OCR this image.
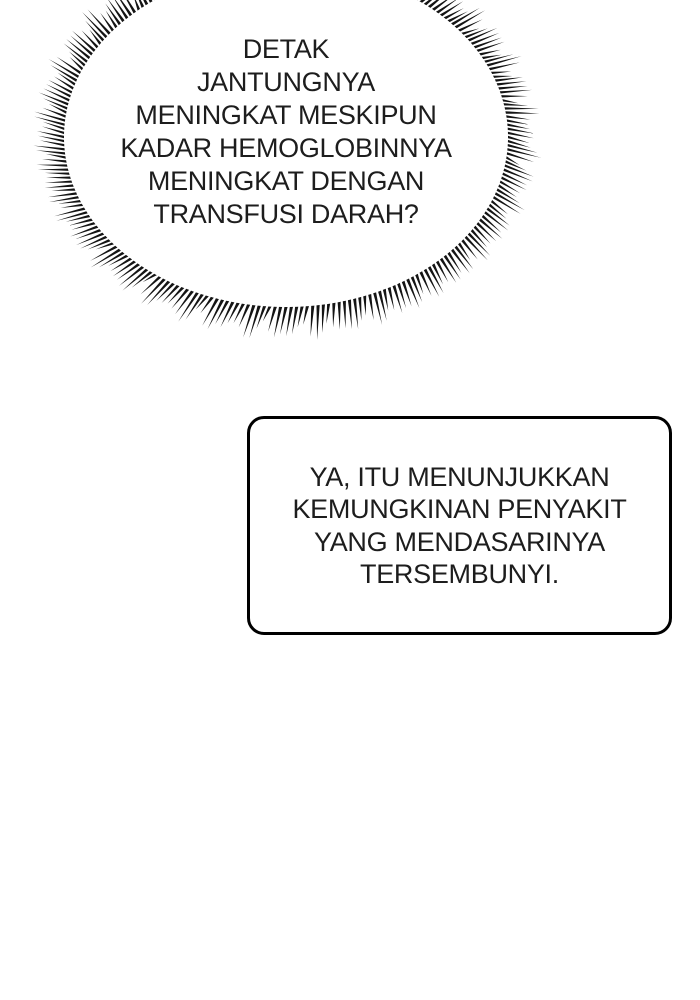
DETAK
JANTUNGNYA
MENINGKAT MESKIPUN
KADAR HEMOGLOBINNYA
MENINGKAT DENGAN
TRANSFUSI DARAH?
YA, ITU MENUNJUKKAN
KEMUNGKINAN PENYAKIT
YANG MENDASARINYA
TERSEMBUNYI.
